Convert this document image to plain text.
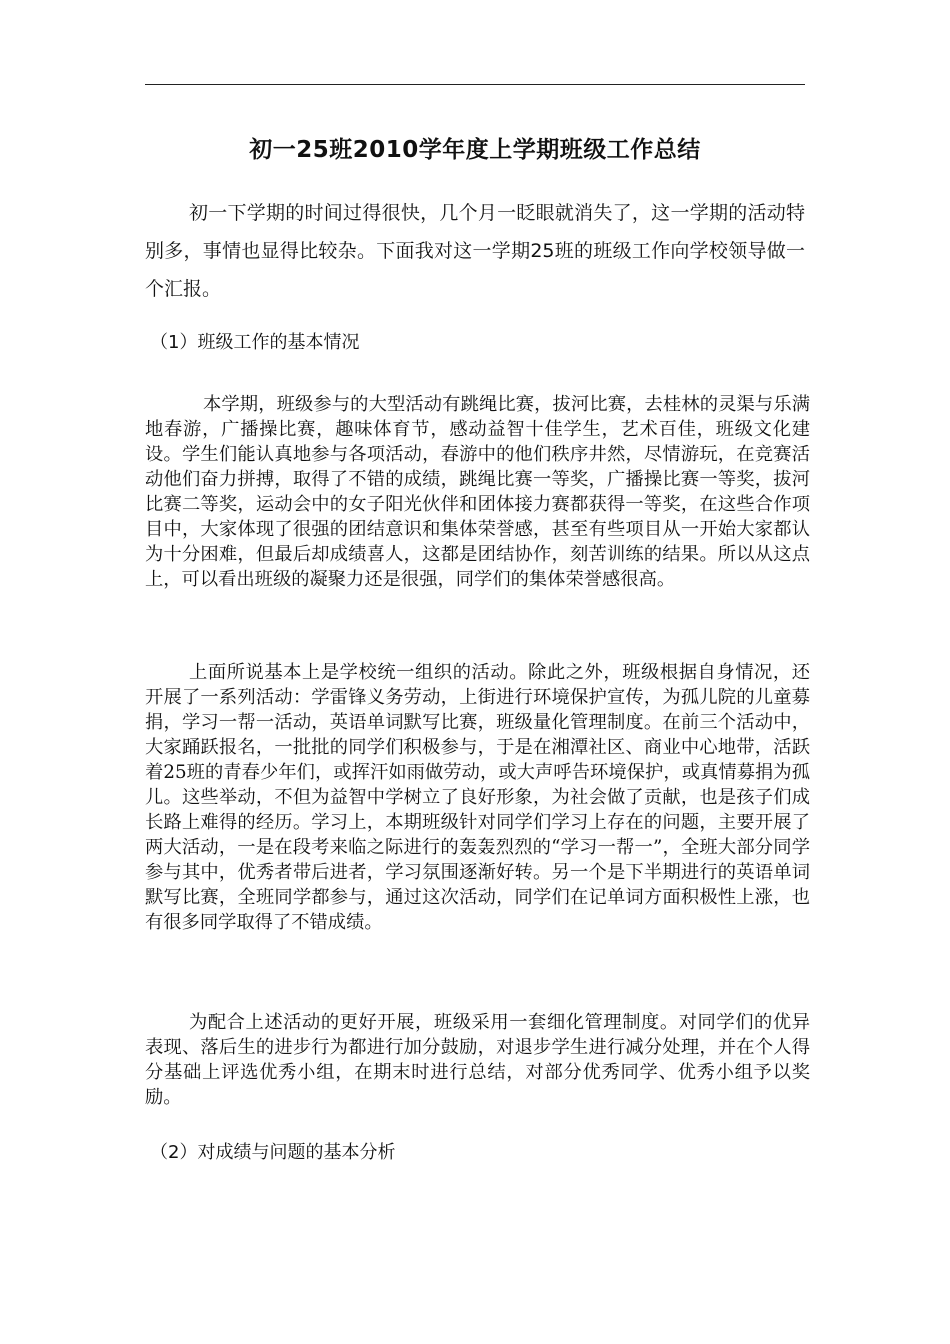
初一25班2010学年度上学期班级工作总结

初一下学期的时间过得很快，几个月一眨眼就消失了，这一学期的活动特别多，事情也显得比较杂。下面我对这一学期25班的班级工作向学校领导做一个汇报。

（1）班级工作的基本情况

本学期，班级参与的大型活动有跳绳比赛，拔河比赛，去桂林的灵渠与乐满地春游，广播操比赛，趣味体育节，感动益智十佳学生，艺术百佳，班级文化建设。学生们能认真地参与各项活动，春游中的他们秩序井然，尽情游玩，在竞赛活动他们奋力拼搏，取得了不错的成绩，跳绳比赛一等奖，广播操比赛一等奖，拔河比赛二等奖，运动会中的女子阳光伙伴和团体接力赛都获得一等奖，在这些合作项目中，大家体现了很强的团结意识和集体荣誉感，甚至有些项目从一开始大家都认为十分困难，但最后却成绩喜人，这都是团结协作，刻苦训练的结果。所以从这点上，可以看出班级的凝聚力还是很强，同学们的集体荣誉感很高。

上面所说基本上是学校统一组织的活动。除此之外，班级根据自身情况，还开展了一系列活动：学雷锋义务劳动，上街进行环境保护宣传，为孤儿院的儿童募捐，学习一帮一活动，英语单词默写比赛，班级量化管理制度。在前三个活动中，大家踊跃报名，一批批的同学们积极参与，于是在湘潭社区、商业中心地带，活跃着25班的青春少年们，或挥汗如雨做劳动，或大声呼告环境保护，或真情募捐为孤儿。这些举动，不但为益智中学树立了良好形象，为社会做了贡献，也是孩子们成长路上难得的经历。学习上，本期班级针对同学们学习上存在的问题，主要开展了两大活动，一是在段考来临之际进行的轰轰烈烈的“学习一帮一”，全班大部分同学参与其中，优秀者带后进者，学习氛围逐渐好转。另一个是下半期进行的英语单词默写比赛，全班同学都参与，通过这次活动，同学们在记单词方面积极性上涨，也有很多同学取得了不错成绩。

为配合上述活动的更好开展，班级采用一套细化管理制度。对同学们的优异表现、落后生的进步行为都进行加分鼓励，对退步学生进行减分处理，并在个人得分基础上评选优秀小组，在期末时进行总结，对部分优秀同学、优秀小组予以奖励。

（2）对成绩与问题的基本分析
